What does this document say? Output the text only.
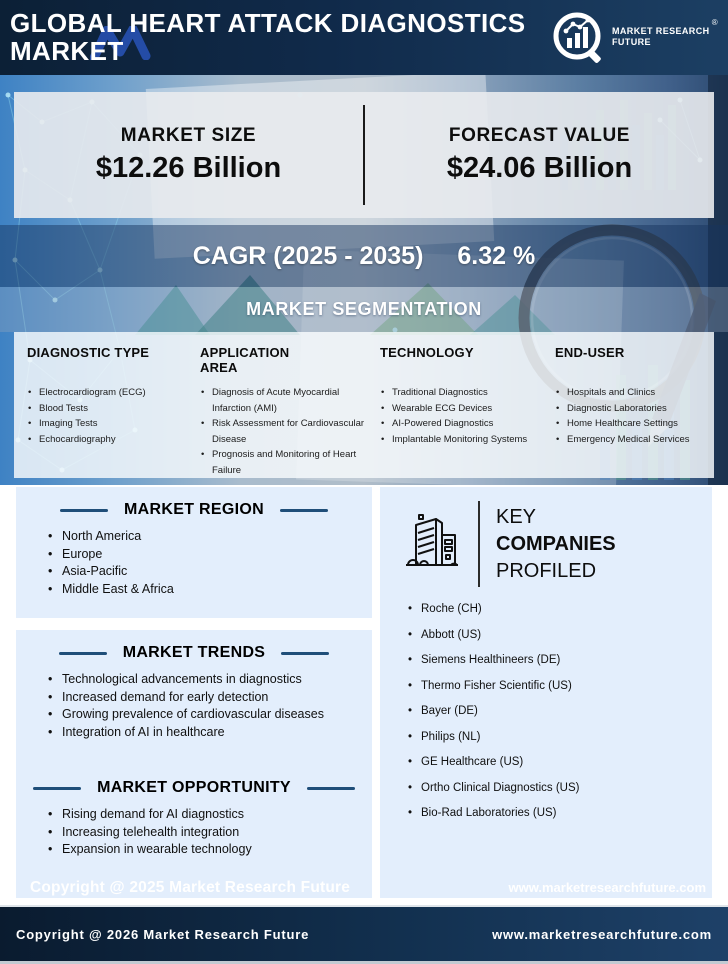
GLOBAL HEART ATTACK DIAGNOSTICS
MARKET
MARKET RESEARCH FUTURE
®
MARKET SIZE
$12.26 Billion
FORECAST VALUE
$24.06 Billion
CAGR (2025 - 2035) 6.32 %
MARKET SEGMENTATION
DIAGNOSTIC TYPE
• Electrocardiogram (ECG)
• Blood Tests
• Imaging Tests
• Echocardiography
APPLICATION AREA
• Diagnosis of Acute Myocardial Infarction (AMI)
• Risk Assessment for Cardiovascular Disease
• Prognosis and Monitoring of Heart Failure
TECHNOLOGY
• Traditional Diagnostics
• Wearable ECG Devices
• AI-Powered Diagnostics
• Implantable Monitoring Systems
END-USER
• Hospitals and Clinics
• Diagnostic Laboratories
• Home Healthcare Settings
• Emergency Medical Services
MARKET REGION
• North America
• Europe
• Asia-Pacific
• Middle East & Africa
MARKET TRENDS
• Technological advancements in diagnostics
• Increased demand for early detection
• Growing prevalence of cardiovascular diseases
• Integration of AI in healthcare
MARKET OPPORTUNITY
• Rising demand for AI diagnostics
• Increasing telehealth integration
• Expansion in wearable technology
Copyright @ 2025 Market Research Future
KEY
COMPANIES
PROFILED
• Roche (CH)
• Abbott (US)
• Siemens Healthineers (DE)
• Thermo Fisher Scientific (US)
• Bayer (DE)
• Philips (NL)
• GE Healthcare (US)
• Ortho Clinical Diagnostics (US)
• Bio-Rad Laboratories (US)
www.marketresearchfuture.com
Copyright @ 2026 Market Research Future	www.marketresearchfuture.com
